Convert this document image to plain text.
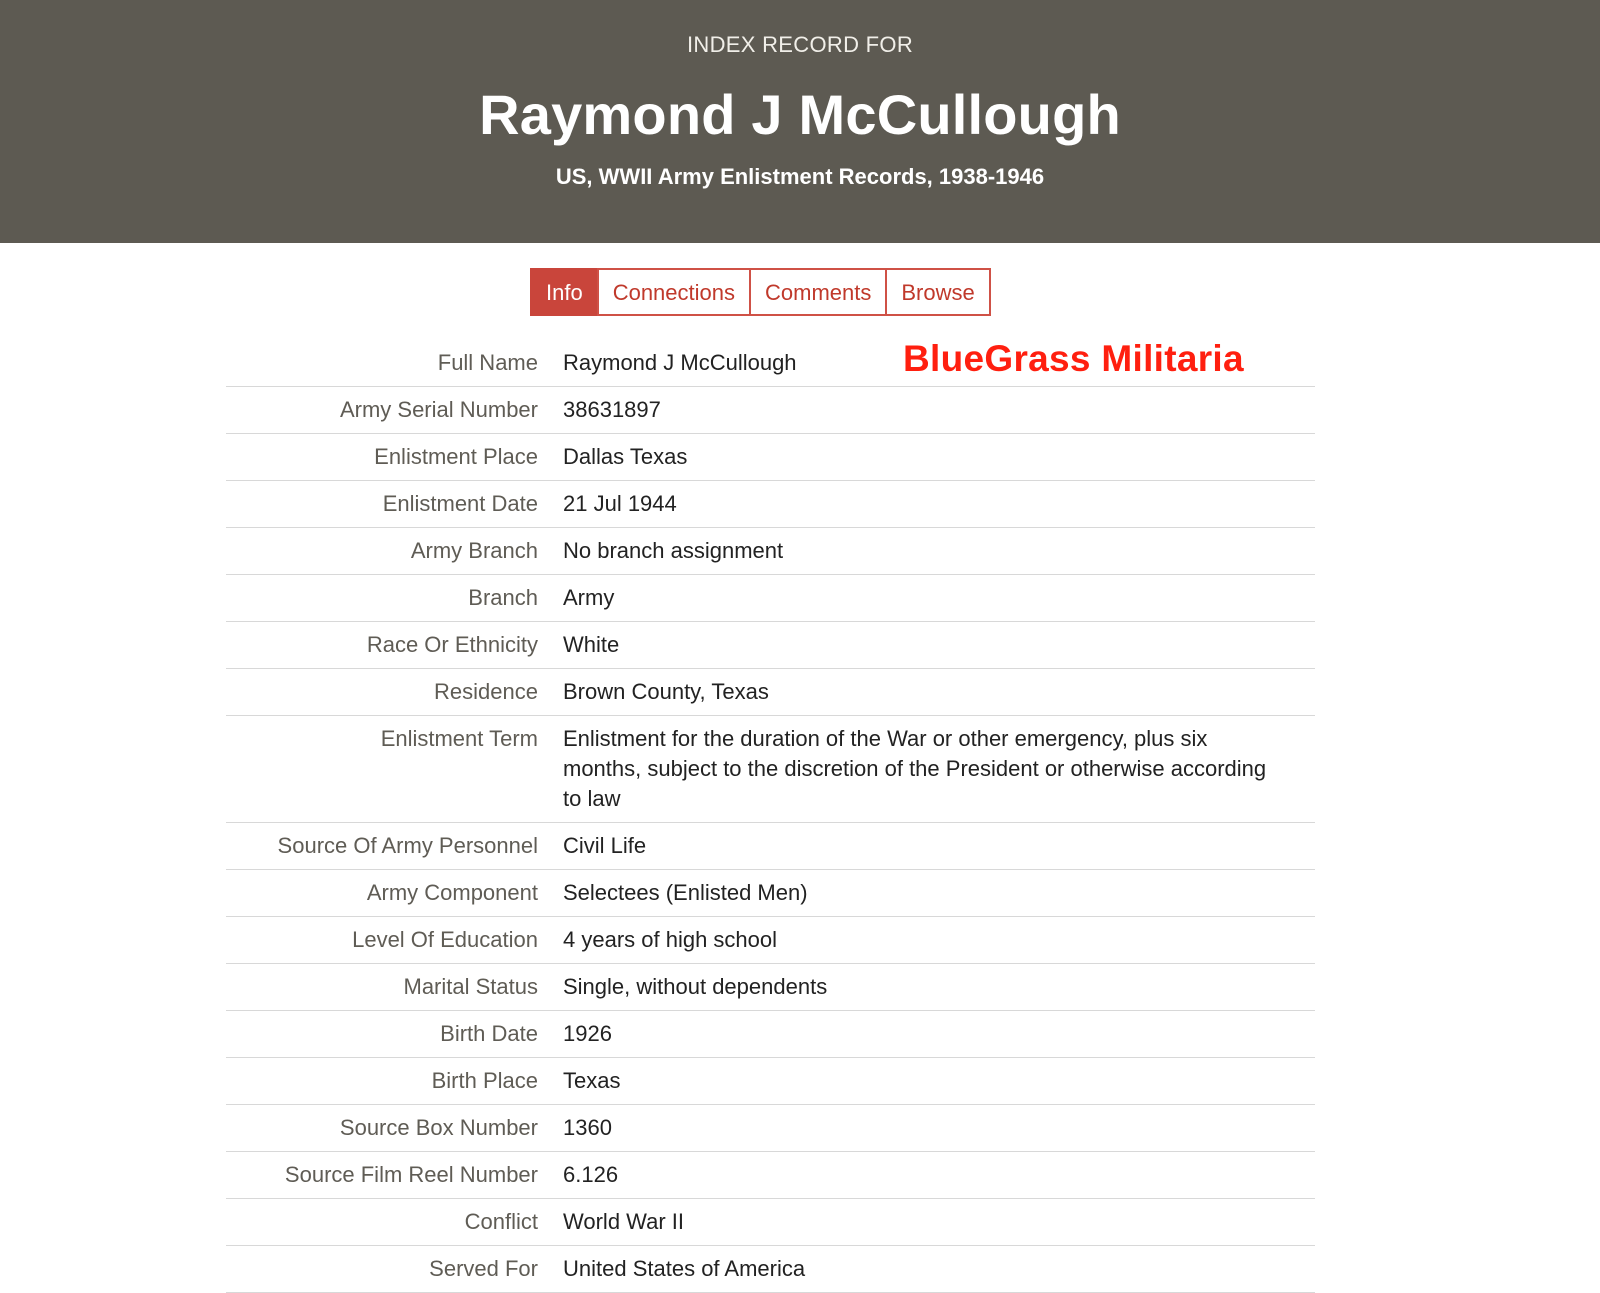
INDEX RECORD FOR
Raymond J McCullough
US, WWII Army Enlistment Records, 1938-1946
Info	Connections	Comments	Browse
BlueGrass Militaria
Full Name	Raymond J McCullough
Army Serial Number	38631897
Enlistment Place	Dallas Texas
Enlistment Date	21 Jul 1944
Army Branch	No branch assignment
Branch	Army
Race Or Ethnicity	White
Residence	Brown County, Texas
Enlistment Term	Enlistment for the duration of the War or other emergency, plus six months, subject to the discretion of the President or otherwise according to law
Source Of Army Personnel	Civil Life
Army Component	Selectees (Enlisted Men)
Level Of Education	4 years of high school
Marital Status	Single, without dependents
Birth Date	1926
Birth Place	Texas
Source Box Number	1360
Source Film Reel Number	6.126
Conflict	World War II
Served For	United States of America
